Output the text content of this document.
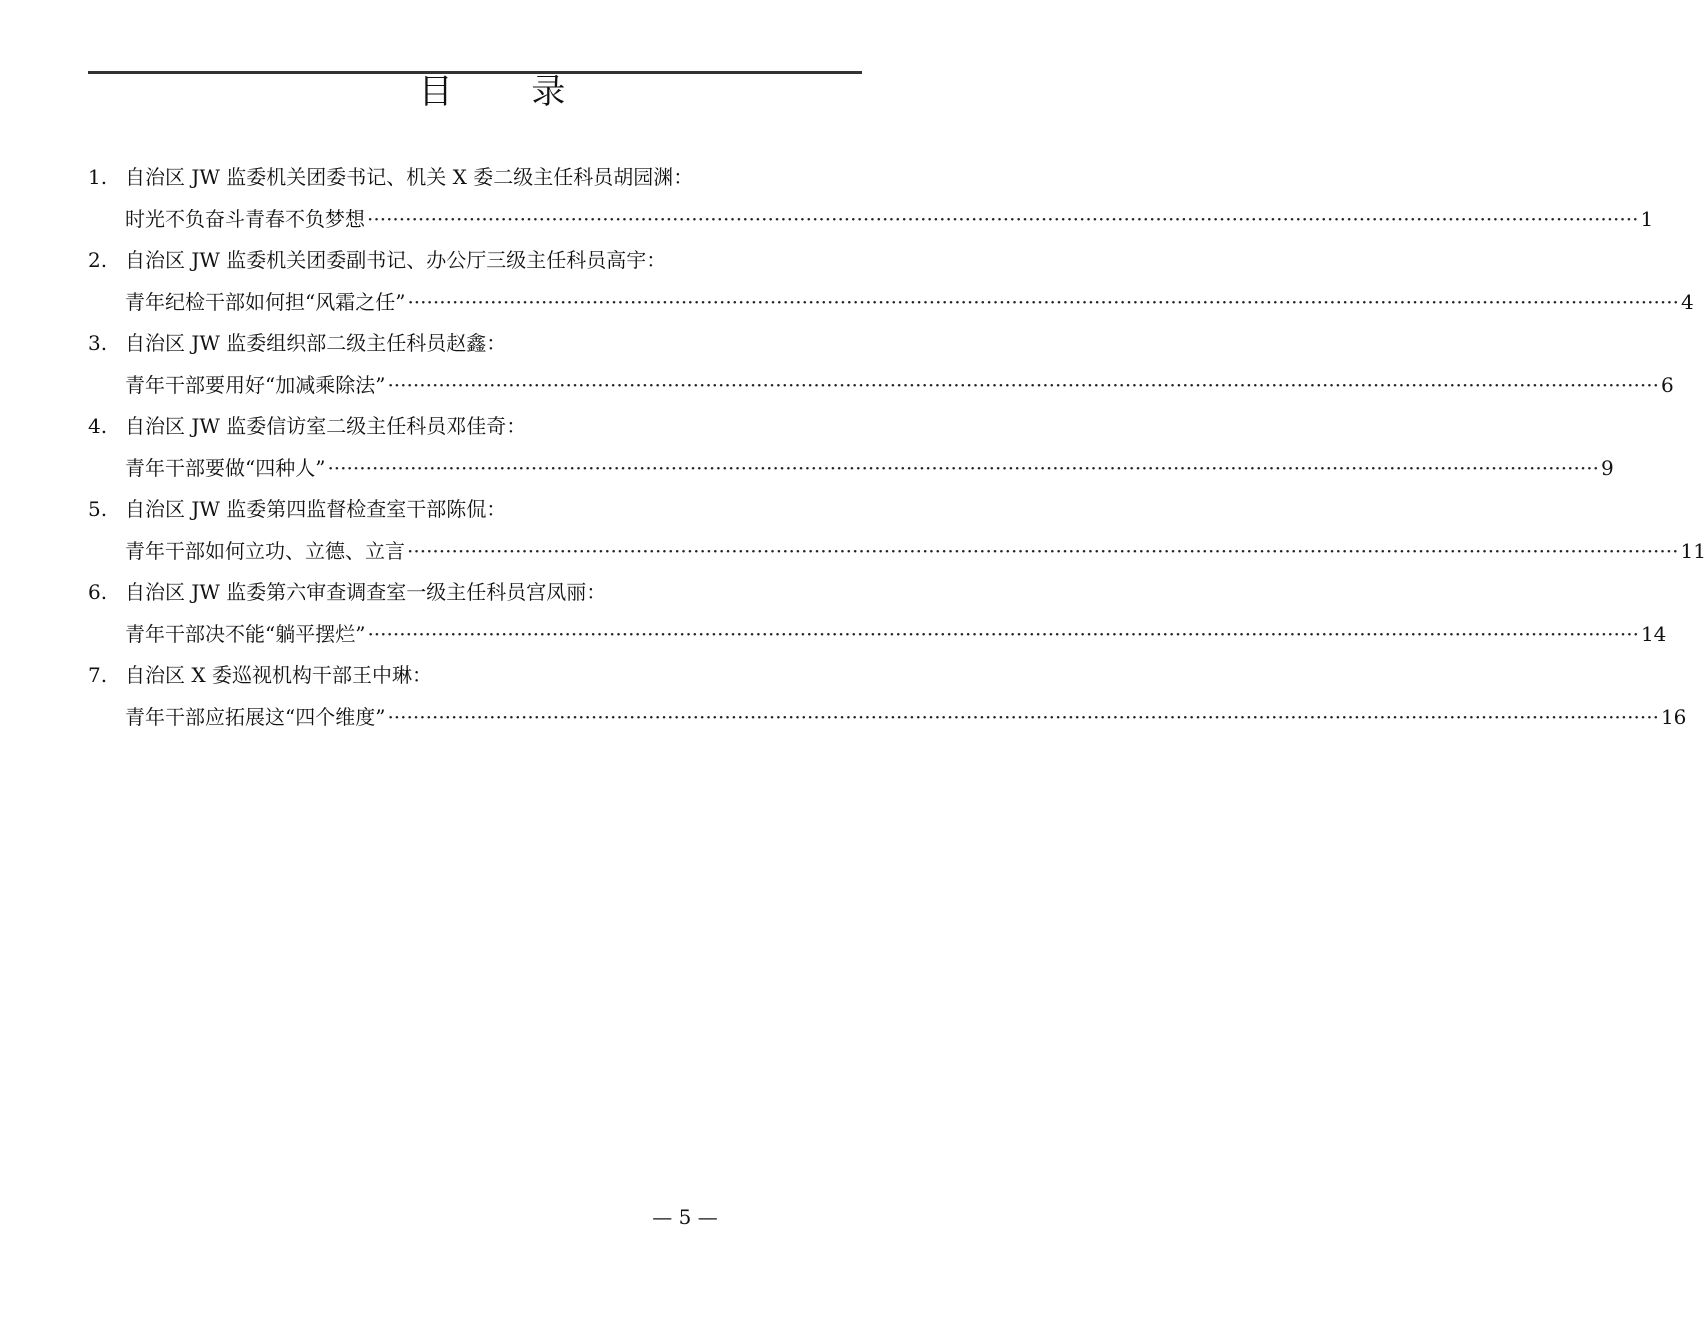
目 录
1. 自治区 JW 监委机关团委书记、机关 X 委二级主任科员胡园渊：
时光不负奋斗青春不负梦想 ········································································································································································································ 1
2. 自治区 JW 监委机关团委副书记、办公厅三级主任科员高宇：
青年纪检干部如何担“风霜之任” ········································································································································································································ 4
3. 自治区 JW 监委组织部二级主任科员赵鑫：
青年干部要用好“加减乘除法” ········································································································································································································ 6
4. 自治区 JW 监委信访室二级主任科员邓佳奇：
青年干部要做“四种人” ········································································································································································································ 9
5. 自治区 JW 监委第四监督检查室干部陈侃：
青年干部如何立功、立德、立言 ········································································································································································································ 11
6. 自治区 JW 监委第六审查调查室一级主任科员宫凤丽：
青年干部决不能“躺平摆烂” ········································································································································································································ 14
7. 自治区 X 委巡视机构干部王中琳：
青年干部应拓展这“四个维度” ········································································································································································································ 16
— 5 —
